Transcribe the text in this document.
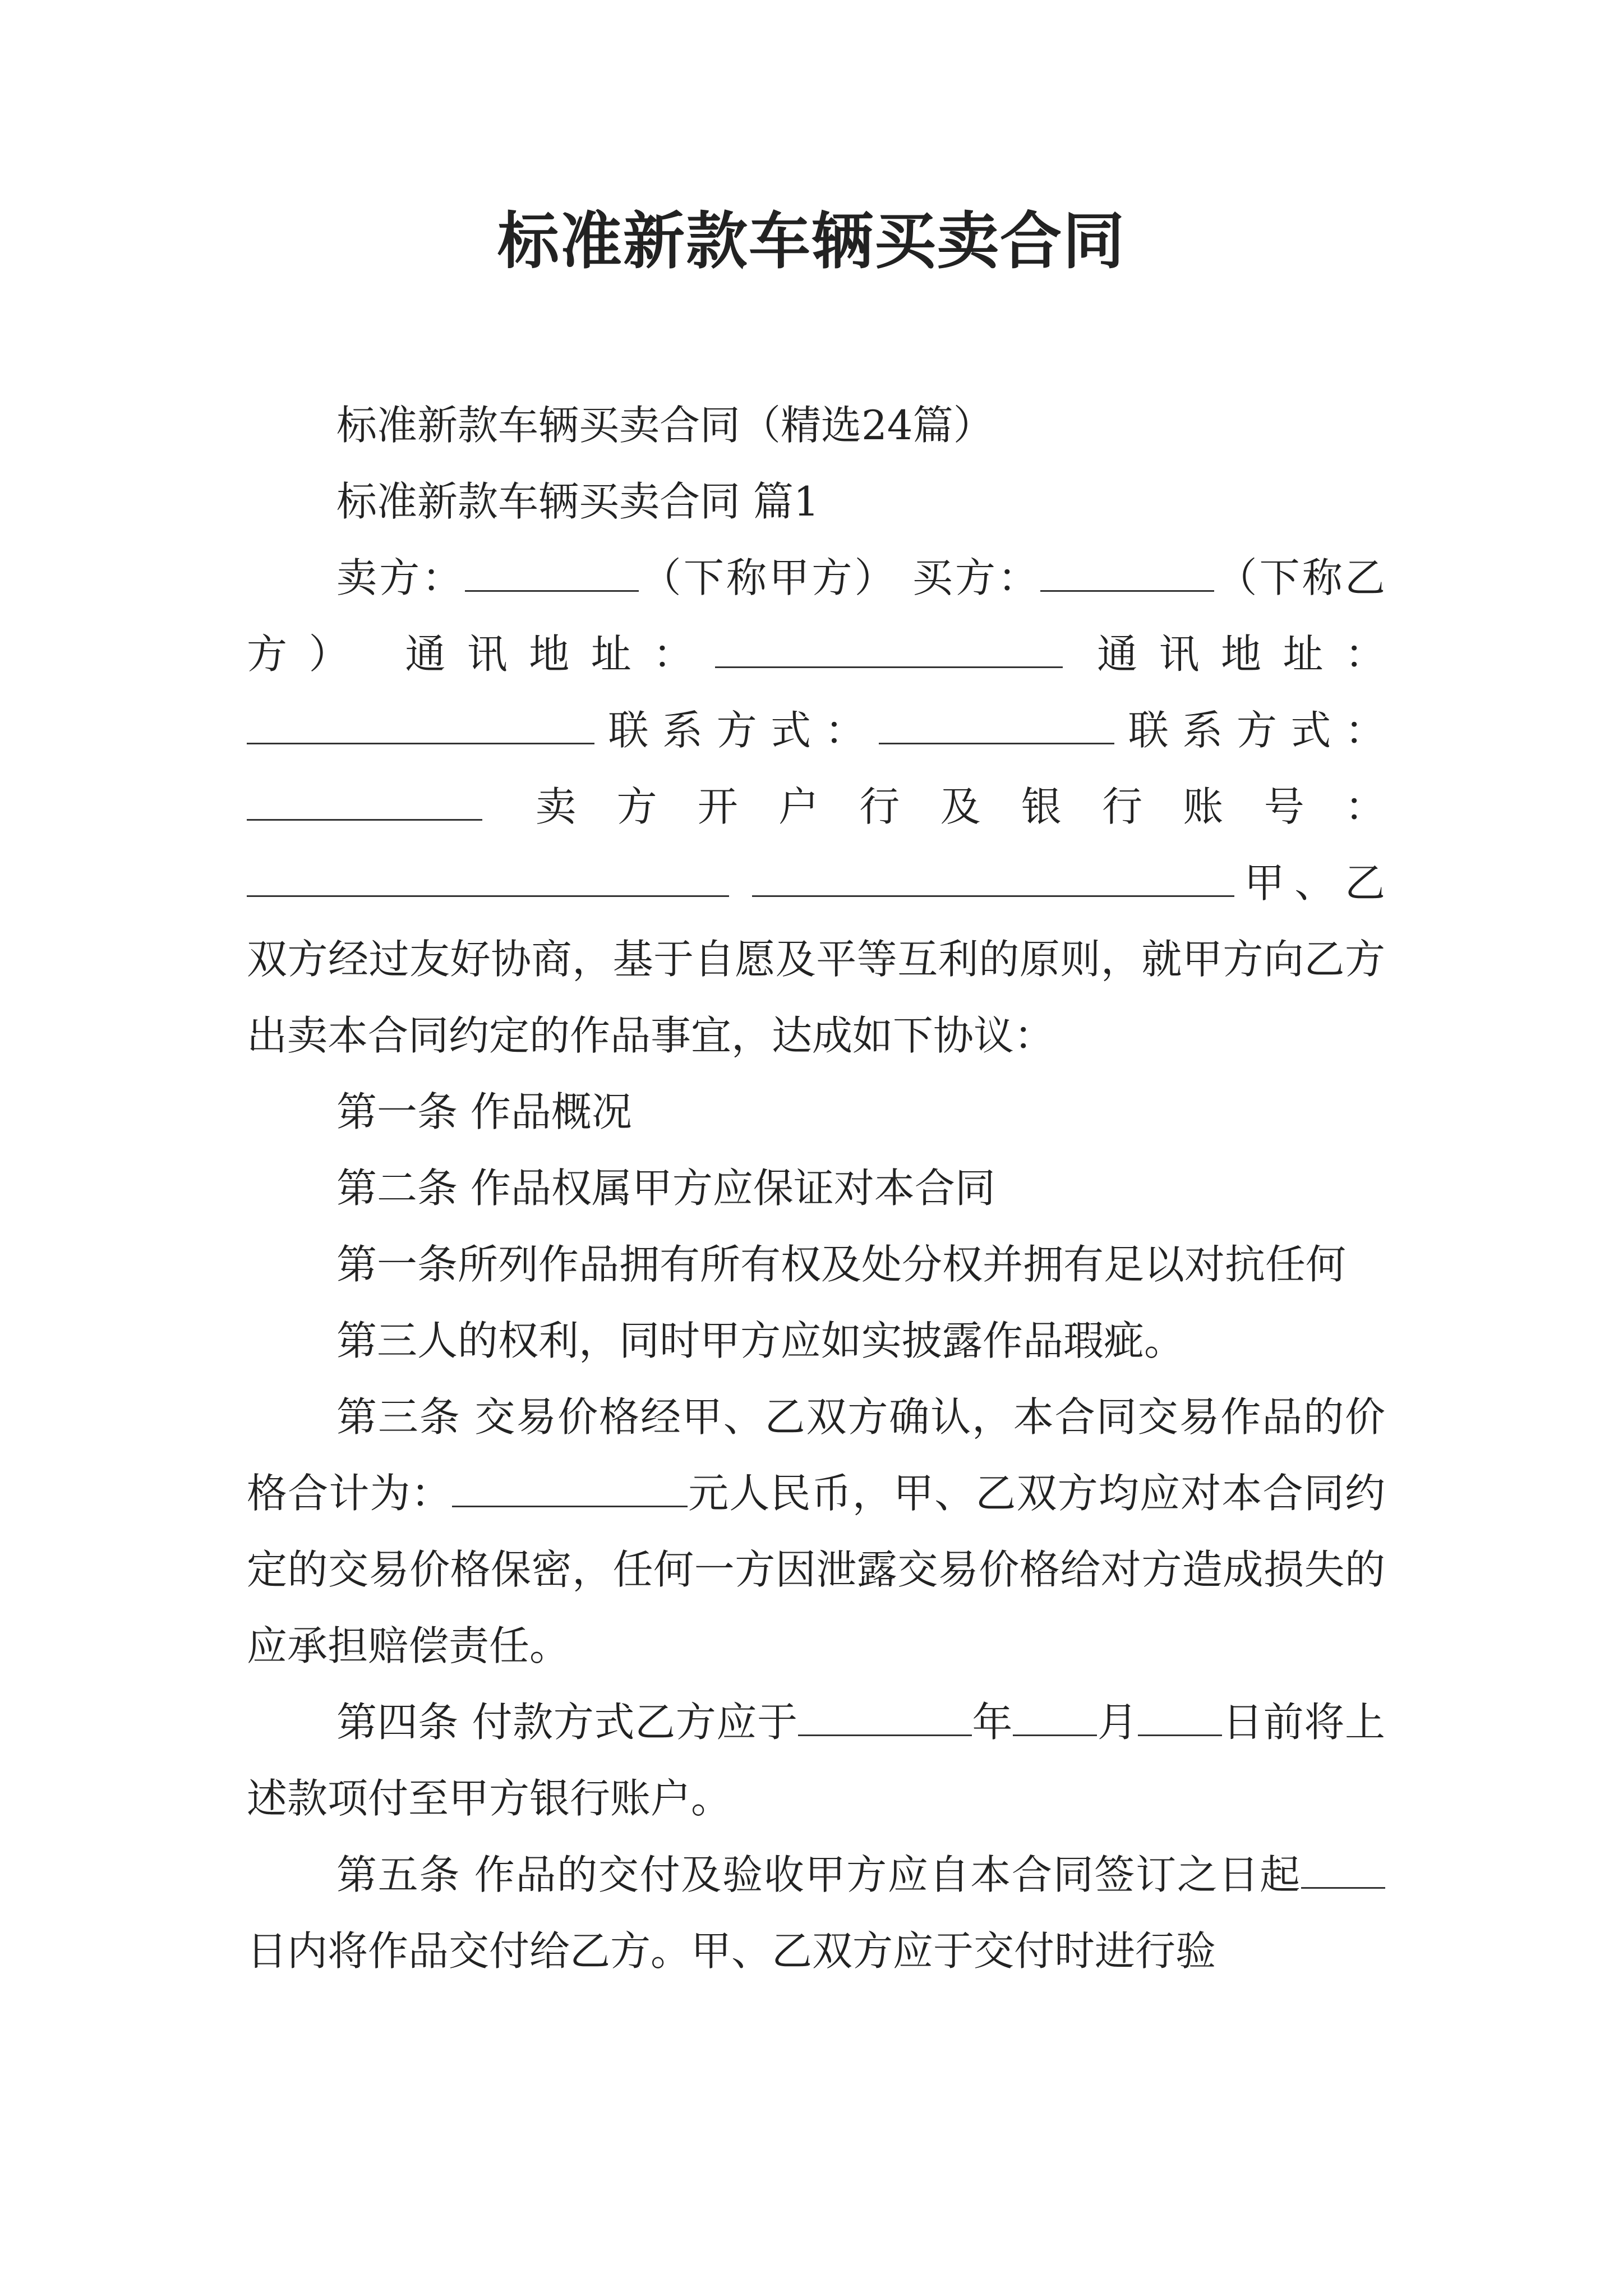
标准新款车辆买卖合同

标准新款车辆买卖合同（精选24篇）

标准新款车辆买卖合同 篇1

卖方：	（下称甲方） 买方：	（下称乙方） 通讯地址：	通讯地址：联系方式：	联系方式： 卖方开户行及银行账号： 甲、乙双方经过友好协商，基于自愿及平等互利的原则，就甲方向乙方出卖本合同约定的作品事宜，达成如下协议：

第一条 作品概况

第二条 作品权属甲方应保证对本合同

第一条所列作品拥有所有权及处分权并拥有足以对抗任何

第三人的权利，同时甲方应如实披露作品瑕疵。

第三条 交易价格经甲、乙双方确认，本合同交易作品的价格合计为：	元人民币，甲、乙双方均应对本合同约定的交易价格保密，任何一方因泄露交易价格给对方造成损失的应承担赔偿责任。

第四条 付款方式乙方应于	年 月 日前将上述款项付至甲方银行账户。

第五条 作品的交付及验收甲方应自本合同签订之日起日内将作品交付给乙方。甲、乙双方应于交付时进行验
